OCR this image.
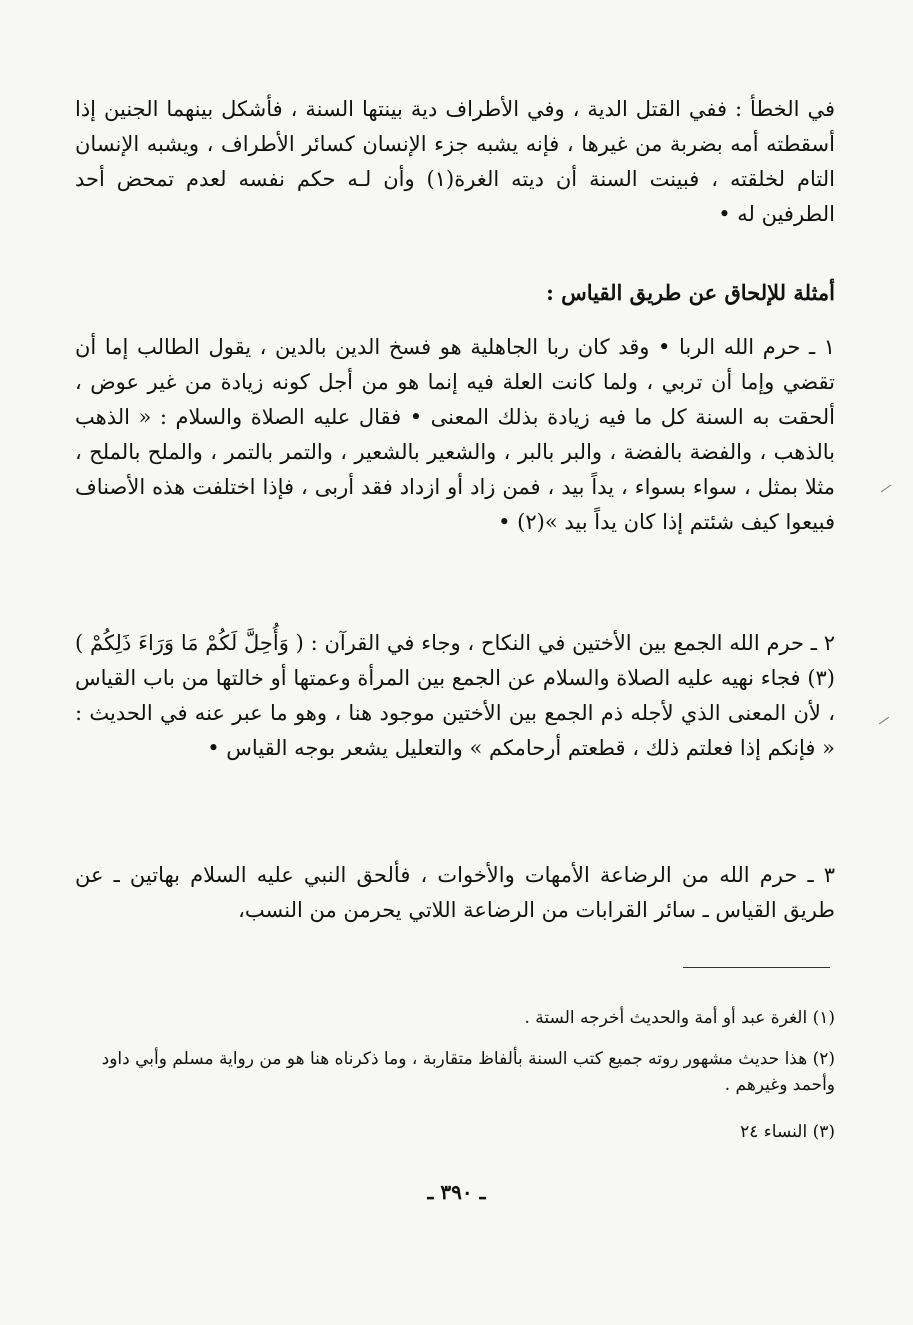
في الخطأ : ففي القتل الدية ، وفي الأطراف دية بينتها السنة ، فأشكل بينهما الجنين إذا أسقطته أمه بضربة من غيرها ، فإنه يشبه جزء الإنسان كسائر الأطراف ، ويشبه الإنسان التام لخلقته ، فبينت السنة أن ديته الغرة(١) وأن لـه حكم نفسه لعدم تمحض أحد الطرفين له •

أمثلة للإلحاق عن طريق القياس :

١ ـ حرم الله الربا • وقد كان ربا الجاهلية هو فسخ الدين بالدين ، يقول الطالب إما أن تقضي وإما أن تربي ، ولما كانت العلة فيه إنما هو من أجل كونه زيادة من غير عوض ، ألحقت به السنة كل ما فيه زيادة بذلك المعنى • فقال عليه الصلاة والسلام : « الذهب بالذهب ، والفضة بالفضة ، والبر بالبر ، والشعير بالشعير ، والتمر بالتمر ، والملح بالملح ، مثلا بمثل ، سواء بسواء ، يداً بيد ، فمن زاد أو ازداد فقد أربى ، فإذا اختلفت هذه الأصناف فبيعوا كيف شئتم إذا كان يداً بيد »(٢) •

٢ ـ حرم الله الجمع بين الأختين في النكاح ، وجاء في القرآن : ( وَأُحِلَّ لَكُمْ مَا وَرَاءَ ذَلِكُمْ )(٣) فجاء نهيه عليه الصلاة والسلام عن الجمع بين المرأة وعمتها أو خالتها من باب القياس ، لأن المعنى الذي لأجله ذم الجمع بين الأختين موجود هنا ، وهو ما عبر عنه في الحديث : « فإنكم إذا فعلتم ذلك ، قطعتم أرحامكم » والتعليل يشعر بوجه القياس •

٣ ـ حرم الله من الرضاعة الأمهات والأخوات ، فألحق النبي عليه السلام بهاتين ـ عن طريق القياس ـ سائر القرابات من الرضاعة اللاتي يحرمن من النسب،

(١) الغرة عبد أو أمة والحديث أخرجه الستة .
(٢) هذا حديث مشهور روته جميع كتب السنة بألفاظ متقاربة ، وما ذكرناه هنا هو من رواية مسلم وأبي داود وأحمد وغيرهم .
(٣) النساء ٢٤
ـ ٣٩٠ ـ
